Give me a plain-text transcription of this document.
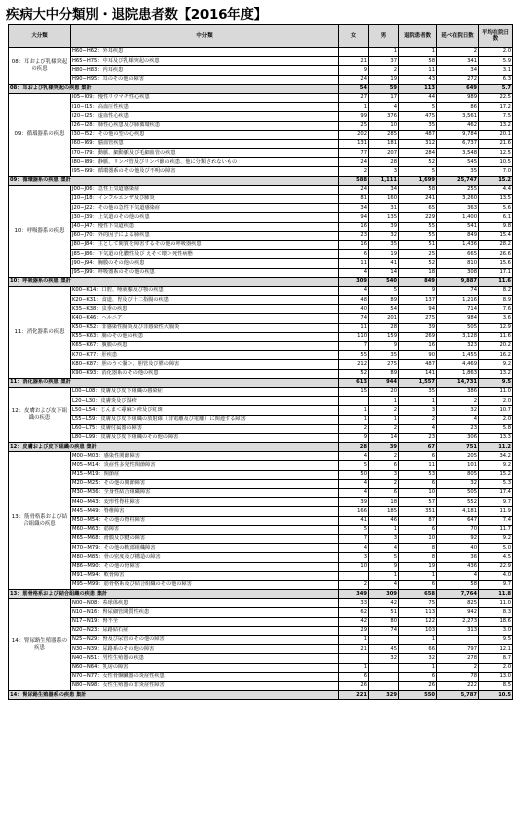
疾病大中分類別・退院患者数【2016年度】
大分類	中分類	女	男	退院患者数	延べ在院日数	平均在院日数
08：耳および乳様突起の疾患	H60−H62：外耳疾患		1	1	2	2.0
	H65−H75：中耳及び乳様突起の疾患	21	37	58	341	5.9
	H80−H83：内耳疾患	9	2	11	34	3.1
	H90−H95：耳のその他の障害	24	19	43	272	6.3
08：耳および乳様突起の疾患 集計		54	59	113	649	5.7
09：循環器系の疾患	I05−I09：慢性リウマチ性心疾患	27	17	44	989	22.5
	I10−I15：高血圧性疾患	1	4	5	86	17.2
	I20−I25：虚血性心疾患	99	376	475	3,561	7.5
	I26−I28：肺性心疾患及び肺循環疾患	25	10	35	462	13.2
	I30−I52：その他の型の心疾患	202	285	487	9,784	20.1
	I60−I69：脳血管疾患	131	181	312	6,737	21.6
	I70−I79：動脈、細動脈及び毛細血管の疾患	77	207	284	3,548	12.5
	I80−I89：静脈、リンパ管及びリンパ節の疾患、他に分類されないもの	24	28	52	545	10.5
	I95−I99：循環器系のその他及び不明の障害	2	3	5	35	7.0
09：循環器系の疾患 集計		588	1,111	1,699	25,747	15.2
10：呼吸器系の疾患	J00−J06：急性上気道感染症	24	34	58	255	4.4
	J10−J18：インフルエンザ及び肺炎	81	160	241	3,260	13.5
	J20−J22：その他の急性下気道感染症	34	31	65	363	5.6
	J30−J39：上気道のその他の疾患	94	135	229	1,400	6.1
	J40−J47：慢性下気道疾患	16	39	55	541	9.8
	J60−J70：外的因子による肺疾患	23	32	55	849	15.4
	J80−J84：主として間質を障害するその他の呼吸器疾患	16	35	51	1,436	28.2
	J85−J86：下気道の化膿性及び えそ＜壊＞死性病態	6	19	25	665	26.6
	J90−J94：胸膜のその他の疾患	11	41	52	810	15.6
	J95−J99：呼吸器系のその他の疾患	4	14	18	308	17.1
10：呼吸器系の疾患 集計		309	540	849	9,887	11.6
11：消化器系の疾患	K00−K14：口腔、唾液腺及び顎の疾患	4	5	9	74	8.2
	K20−K31：食道、胃及び十二指腸の疾患	48	89	137	1,216	8.9
	K35−K38：虫垂の疾患	40	54	94	714	7.6
	K40−K46：ヘルニア	74	201	275	984	3.6
	K50−K52：非感染性腸炎及び非感染性大腸炎	11	28	39	505	12.9
	K55−K63：腸のその他の疾患	110	159	269	3,128	11.6
	K65−K67：腹膜の疾患	7	9	16	323	20.2
	K70−K77：肝疾患	55	35	90	1,455	16.2
	K80−K87：胆のう＜嚢＞、胆管及び膵の障害	212	275	487	4,469	9.2
	K90−K93：消化器系のその他の疾患	52	89	141	1,863	13.2
11：消化器系の疾患 集計		613	944	1,557	14,731	9.5
12：皮膚および皮下組織の疾患	L00−L08：皮膚及び皮下組織の感染症	15	20	35	386	11.0
	L20−L30：皮膚炎及び湿疹		1	1	2	2.0
	L50−L54：じんま＜蕁麻＞疹及び紅斑	1	2	3	32	10.7
	L55−L59：皮膚及び皮下組織の放射線（非電離及び電離）に関連する障害	1	1	2	4	2.0
	L60−L75：皮膚付属器の障害	2	2	4	23	5.8
	L80−L99：皮膚及び皮下組織のその他の障害	9	14	23	306	13.3
12：皮膚および皮下組織の疾患 集計		28	39	67	751	11.2
13：筋骨格系および結合組織の疾患	M00−M03：感染性関節障害	4	2	6	205	34.2
	M05−M14：炎症性多発性関節障害	5	6	11	101	9.2
	M15−M19：関節症	50	3	53	805	15.2
	M20−M25：その他の関節障害	4	2	6	32	5.3
	M30−M36：全身性結合組織障害	4	6	10	505	17.4
	M40−M43：変形性脊柱障害	39	18	57	552	9.7
	M45−M49：脊椎障害	166	185	351	4,181	11.9
	M50−M54：その他の脊柱障害	41	46	87	647	7.4
	M60−M63：筋障害	5	1	6	70	11.7
	M65−M68：滑膜及び腱の障害	7	3	10	92	9.2
	M70−M79：その他の軟部組織障害	4	4	8	40	5.0
	M80−M85：骨の密度及び構造の障害	3	5	8	36	4.5
	M86−M90：その他の骨障害	10	9	19	436	22.9
	M91−M94：軟骨障害		1	1	4	4.0
	M95−M99：筋骨格系及び結合組織のその他の障害	2	4	6	58	9.7
13：筋骨格系および結合組織の疾患 集計		349	309	658	7,764	11.8
14：腎尿路生殖器系の疾患	N00−N08：糸球体疾患	33	42	75	825	11.0
	N10−N16：腎尿細管間質性疾患	62	51	113	942	8.3
	N17−N19：腎不全	42	80	122	2,273	18.6
	N20−N23：尿路結石症	29	74	103	313	3.0
	N25−N29：腎及び尿管のその他の障害	1		1		9.5
	N30−N39：尿路系のその他の障害	21	45	66	797	12.1
	N40−N51：男性生殖器の疾患		32	32	278	8.7
	N60−N64：乳房の障害	1		1	2	2.0
	N70−N77：女性骨盤臓器の炎症性疾患	6		6	78	13.0
	N80−N98：女性生殖器の非炎症性障害	26		26	222	8.5
14：腎尿路生殖器系の疾患 集計		221	329	550	5,787	10.5
